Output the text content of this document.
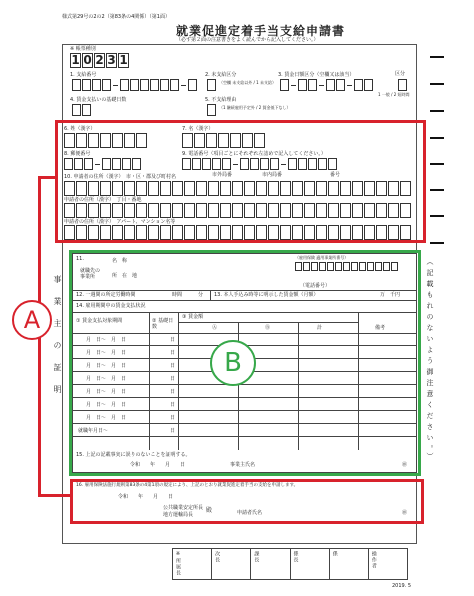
様式第29号の2の2（第83条の4関係）（第1面）
就業促進定着手当支給申請書
（必ず第２面の注意書きをよく読んでから記入してください。）
※ 帳票種別
1 0 2 3 1
1. 支給番号	2. 未支給区分
（空欄 未支給以外 / 1 未支給）
3. 賃金日額区分（空欄又は該当）	区分
1 一般 / 2 短時間
4. 賃金支払いの基礎日数	5. 不支給理由
（1 継続雇用予定外 / 2 賃金低下なし）
6. 姓（漢字）	7. 名（漢字）
8. 郵便番号	9. 電話番号（項目ごとにそれぞれ左詰めで記入してください。）
10. 申請者の住所（漢字）　市・区・郡及び町村名	市外局番	市内局番	番号
申請者の住所（漢字）　丁目・番地
申請者の住所（漢字）　アパート、マンション名等
A 事業主の証明
11.
就職先の事業所
名　称
所　在　地
（雇用保険 適用事業所番号）
（電話番号）
12. 一週間の所定労働時間	時間	分 13. 本人手込み時等に明示した賃金額（月額）	万　千円
14. 雇用期間中の賃金支払状況
① 賃金支払対象期間	② 基礎日数
③ 賃金額
Ⓐ	Ⓑ	計	備考
月　日〜　月　日	日
月　日〜　月　日	日
月　日〜　月　日	日
月　日〜　月　日	日
月　日〜　月　日	日
月　日〜　月　日	日
月　日〜　月　日	日
就職年月日〜	日
15. 上記の記載事実に誤りのないことを証明する。
令和　　年　　月　　日	事業主氏名	㊞
B	（記載もれのないよう御注意ください。）
16. 雇用保険法施行規則第83条の4第1項の規定により、上記のとおり就業促進定着手当の支給を申請します。
令和　　年　　月　　日
公共職業安定所長
地方運輸局長
殿	申請者氏名	㊞
※所属長	次長	課長	係長	係	操作者
2019. 5
